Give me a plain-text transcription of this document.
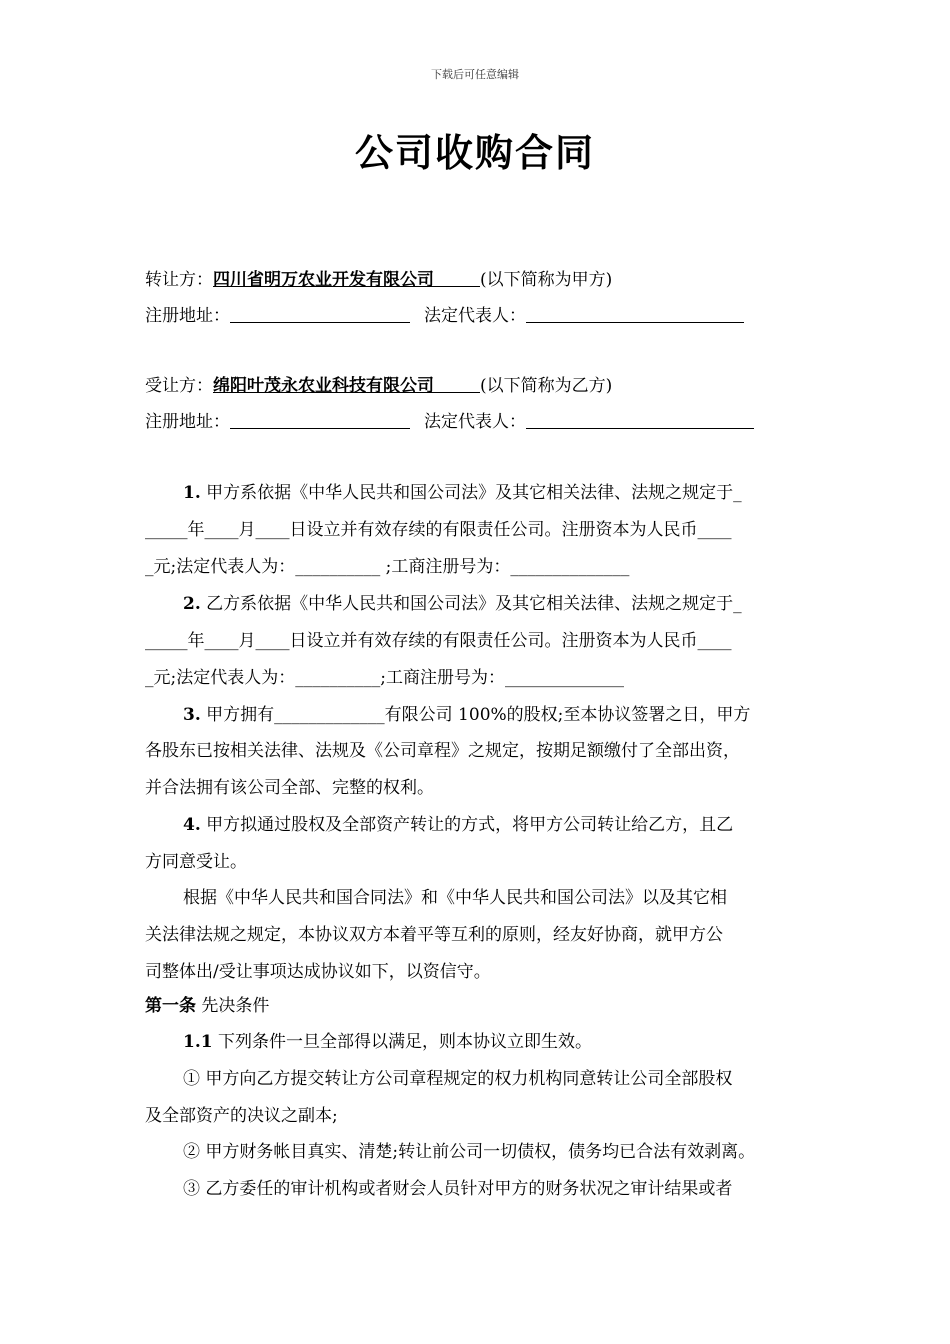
下载后可任意编辑
公司收购合同
转让方：四川省明万农业开发有限公司	(以下简称为甲方)
注册地址：	法定代表人：
受让方：绵阳叶茂永农业科技有限公司	(以下简称为乙方)
注册地址：	法定代表人：
1. 甲方系依据《中华人民共和国公司法》及其它相关法律、法规之规定于_
_____年____月____日设立并有效存续的有限责任公司。注册资本为人民币____
_元;法定代表人为：__________ ;工商注册号为：______________
2. 乙方系依据《中华人民共和国公司法》及其它相关法律、法规之规定于_
_____年____月____日设立并有效存续的有限责任公司。注册资本为人民币____
_元;法定代表人为：__________;工商注册号为：______________
3. 甲方拥有_____________有限公司 100%的股权;至本协议签署之日，甲方
各股东已按相关法律、法规及《公司章程》之规定，按期足额缴付了全部出资，
并合法拥有该公司全部、完整的权利。
4. 甲方拟通过股权及全部资产转让的方式，将甲方公司转让给乙方，且乙
方同意受让。
根据《中华人民共和国合同法》和《中华人民共和国公司法》以及其它相
关法律法规之规定，本协议双方本着平等互利的原则，经友好协商，就甲方公
司整体出/受让事项达成协议如下，以资信守。
第一条 先决条件
1.1 下列条件一旦全部得以满足，则本协议立即生效。
① 甲方向乙方提交转让方公司章程规定的权力机构同意转让公司全部股权
及全部资产的决议之副本;
② 甲方财务帐目真实、清楚;转让前公司一切债权，债务均已合法有效剥离。
③ 乙方委任的审计机构或者财会人员针对甲方的财务状况之审计结果或者
